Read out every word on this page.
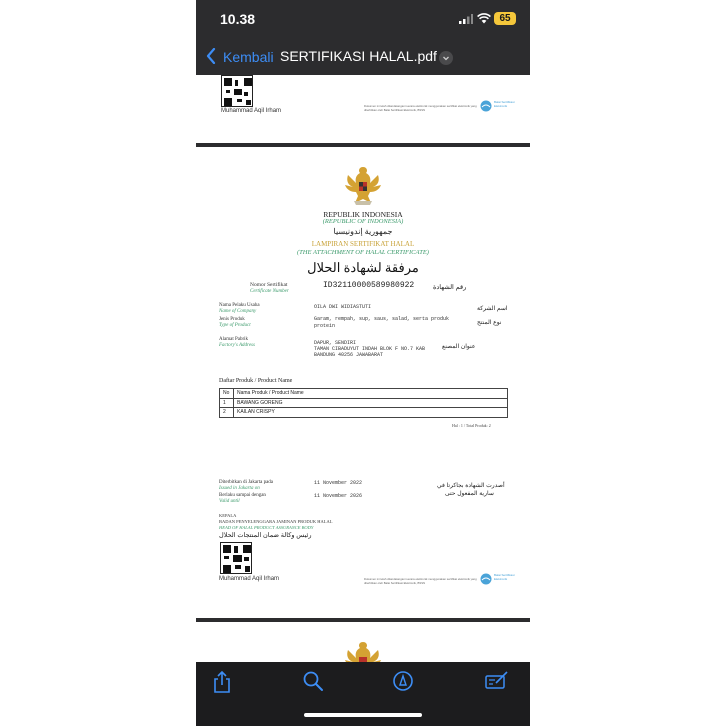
10.38	65
Kembali SERTIFIKASI HALAL.pdf
Muhammad Aqil Irham
Dokumen ini telah ditandatangani secara elektronik menggunakan sertifikat elektronik yang diterbitkan oleh Balai Sertifikasi Elektronik, BSSN
Balai Sertifikasi Elektronik
REPUBLIK INDONESIA
(REPUBLIC OF INDONESIA)
جمهورية إندونيسيا
LAMPIRAN SERTIFIKAT HALAL
(THE ATTACHMENT OF HALAL CERTIFICATE)
مرفقة لشهادة الحلال
Nomor Sertifikat
Certificate Number
ID32110000589980922	رقم الشهادة
Nama Pelaku Usaha
Name of Company
OILA DWI WIDIASTUTI	اسم الشركة
Jenis Produk
Type of Product
Garam, rempah, sup, saus, salad, serta produk protein	نوع المنتج
Alamat Pabrik
Factory's Address	DAPUR, SENDIRI
TAMAN CIBADUYUT INDAH BLOK F NO.7 KAB
BANDUNG 40256 JAWABARAT
عنوان المصنع
Daftar Produk / Product Name
No	Nama Produk / Product Name
1	BAWANG GORENG
2	KAILAN CRISPY
Hal : 1 / Total Produk: 2
Diterbitkan di Jakarta pada
Issued in Jakarta on
11 November 2022	أصدرت الشهادة بجاكرتا في
Berlaku sampai dengan
Valid until
11 November 2026	سارية المفعول حتى
KEPALA
BADAN PENYELENGGARA JAMINAN PRODUK HALAL
HEAD OF HALAL PRODUCT ASSURANCE BODY
رئيس وكالة ضمان المنتجات الحلال
Muhammad Aqil Irham	Dokumen ini telah ditandatangani secara elektronik menggunakan sertifikat elektronik yang diterbitkan oleh Balai Sertifikasi Elektronik, BSSN
Balai Sertifikasi Elektronik
